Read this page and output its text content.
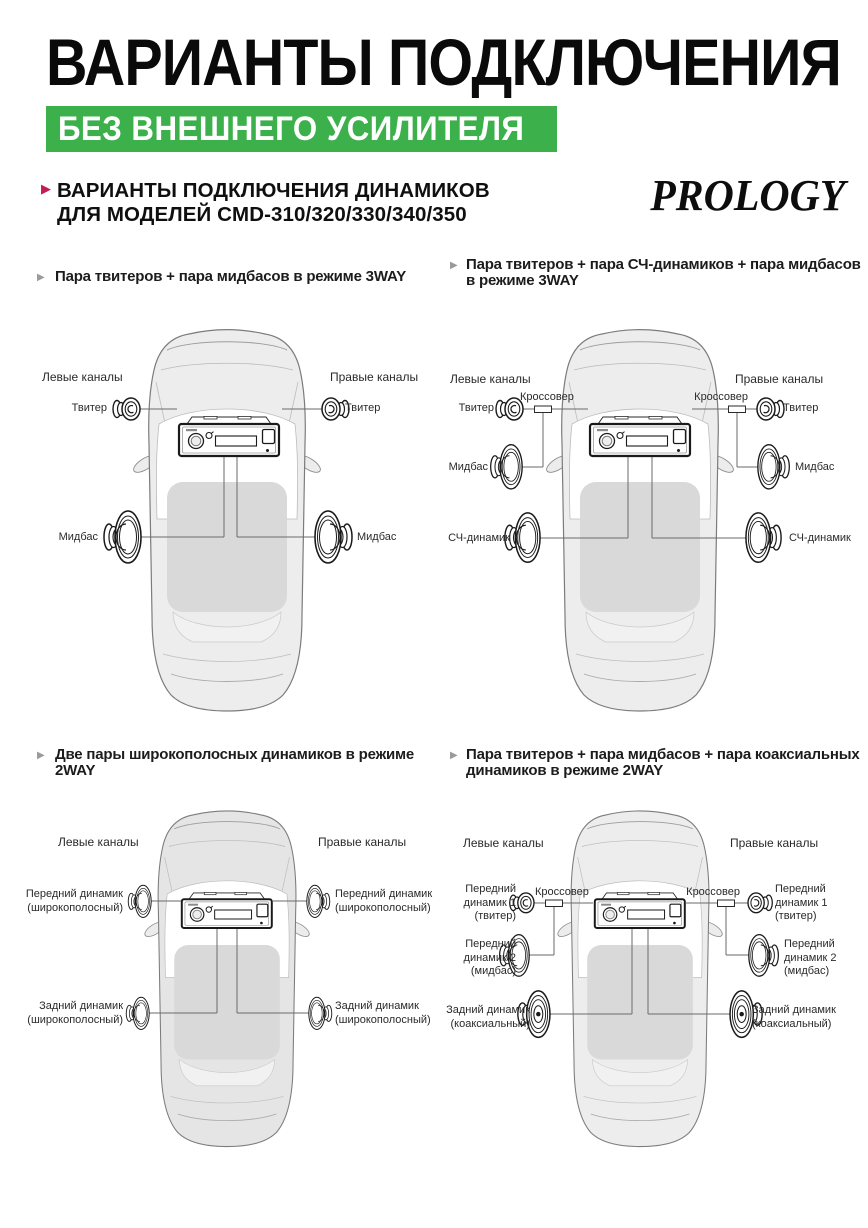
ВАРИАНТЫ ПОДКЛЮЧЕНИЯ
БЕЗ ВНЕШНЕГО УСИЛИТЕЛЯ
▶ ВАРИАНТЫ ПОДКЛЮЧЕНИЯ ДИНАМИКОВ
ДЛЯ МОДЕЛЕЙ CMD-310/320/330/340/350	PROLOGY
▶ Пара твитеров + пара мидбасов в режиме 3WAY
Левые каналы	Правые каналы
Твитер	Твитер
Мидбас	Мидбас
▶ Пара твитеров + пара СЧ-динамиков + пара мидбасов
в режиме 3WAY
Левые каналы	Правые каналы
Твитер	Твитер
Кроссовер	Кроссовер
Мидбас	Мидбас
СЧ-динамик	СЧ-динамик
▶ Две пары широкополосных динамиков в режиме
2WAY
Левые каналы	Правые каналы
Передний динамик (широкополосный)
Передний динамик (широкополосный)
Задний динамик (широкополосный)
Задний динамик (широкополосный)
▶ Пара твитеров + пара мидбасов + пара коаксиальных
динамиков в режиме 2WAY
Левые каналы	Правые каналы
Передний динамик 1 (твитер)
Передний динамик 1 (твитер)
Кроссовер	Кроссовер
Передний динамик 2 (мидбас)
Передний динамик 2 (мидбас)
Задний динамик (коаксиальный)
Задний динамик (коаксиальный)
